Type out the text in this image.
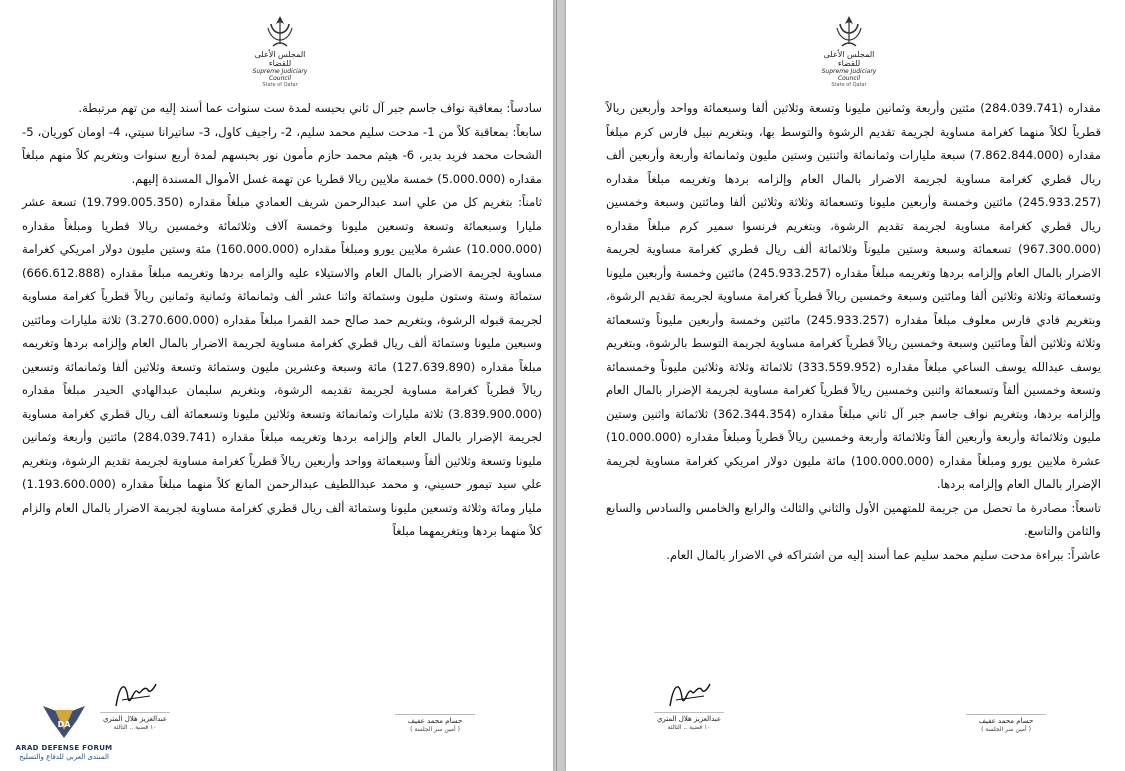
المجلس الأعلى للقضاء
Supreme Judiciary Council
State of Qatar

سادساً: بمعاقبة نواف جاسم جبر آل ثاني بحبسه لمدة ست سنوات عما أسند إليه من تهم مرتبطة.

سابعاً: بمعاقبة كلاً من 1- مدحت سليم محمد سليم، 2- راجيف كاول، 3- ساتيرانا سيتي، 4- اومان كوريان، 5- الشحات محمد فريد بدير، 6- هيثم محمد حازم مأمون نور بحبسهم لمدة أربع سنوات وبتغريم كلاً منهم مبلغاً مقداره (5.000.000) خمسة ملايين ريالا قطريا عن تهمة غسل الأموال المسندة إليهم.

ثامناً: بتغريم كل من علي اسد عبدالرحمن شريف العمادي مبلغاً مقداره (19.799.005.350) تسعة عشر مليارا وسبعمائة وتسعة وتسعين مليونا وخمسة آلاف وثلاثمائة وخمسين ريالا قطريا ومبلغاً مقداره (10.000.000) عشرة ملايين يورو ومبلغاً مقداره (160.000.000) مئة وستين مليون دولار امريكي كغرامة مساوية لجريمة الاضرار بالمال العام والاستيلاء عليه والزامه بردها وتغريمه مبلغاً مقداره (666.612.888) ستمائة وستة وستون مليون وستمائة واثنا عشر ألف وثمانمائة وثمانية وثمانين ريالاً قطرياً كغرامة مساوية لجريمة قبوله الرشوة، وبتغريم حمد صالح حمد القمرا مبلغاً مقداره (3.270.600.000) ثلاثة مليارات ومائتين وسبعين مليونا وستمائة ألف ريال قطري كغرامة مساوية لجريمة الاضرار بالمال العام وإلزامه بردها وتغريمه مبلغاً مقداره (127.639.890) مائة وسبعة وعشرين مليون وستمائة وتسعة وثلاثين ألفا وثمانمائة وتسعين ريالاً قطرياً كغرامة مساوية لجريمة تقديمه الرشوة، وبتغريم سليمان عبدالهادي الحيدر مبلغاً مقداره (3.839.900.000) ثلاثة مليارات وثمانمائة وتسعة وثلاثين مليونا وتسعمائة ألف ريال قطري كغرامة مساوية لجريمة الإضرار بالمال العام وإلزامه بردها وتغريمه مبلغاً مقداره (284.039.741) مائتين وأربعة وثمانين مليونا وتسعة وثلاثين ألفاً وسبعمائة وواحد وأربعين ريالاً قطرياً كغرامة مساوية لجريمة تقديم الرشوة، وبتغريم علي سيد تيمور حسيني، و محمد عبداللطيف عبدالرحمن المانع كلاً منهما مبلغاً مقداره (1.193.600.000) مليار ومائة وثلاثة وتسعين مليونا وستمائة ألف ريال قطري كغرامة مساوية لجريمة الاضرار بالمال العام والزام كلاً منهما بردها وبتغريمهما مبلغاً

حسام محمد عفيف
( أمين سر الجلسة )
عبدالعزيز هلال المتري
١٠ قضية .. الثالثة
المجلس الأعلى للقضاء
Supreme Judiciary Council
State of Qatar

مقداره (284.039.741) مئتين وأربعة وثمانين مليونا وتسعة وثلاثين ألفا وسبعمائة وواحد وأربعين ريالاً قطرياً لكلاً منهما كغرامة مساوية لجريمة تقديم الرشوة والتوسط بها، وبتغريم نبيل فارس كرم مبلغاً مقداره (7.862.844.000) سبعة مليارات وثمانمائة واثنتين وستين مليون وثمانمائة وأربعة وأربعين ألف ريال قطري كغرامة مساوية لجريمة الاضرار بالمال العام وإلزامه بردها وتغريمه مبلغاً مقداره (245.933.257) مائتين وخمسة وأربعين مليونا وتسعمائة وثلاثة وثلاثين ألفا ومائتين وسبعة وخمسين ريال قطري كغرامة مساوية لجريمة تقديم الرشوة، وبتغريم فرنسوا سمير كرم مبلغاً مقداره (967.300.000) تسعمائة وسبعة وستين مليوناً وثلاثمائة ألف ريال قطري كغرامة مساوية لجريمة الاضرار بالمال العام وإلزامه بردها وتغريمه مبلغاً مقداره (245.933.257) مائتين وخمسة وأربعين مليونا وتسعمائة وثلاثة وثلاثين ألفا ومائتين وسبعة وخمسين ريالاً قطرياً كغرامة مساوية لجريمة تقديم الرشوة، وبتغريم فادي فارس معلوف مبلغاً مقداره (245.933.257) مائتين وخمسة وأربعين مليوناً وتسعمائة وثلاثة وثلاثين ألفاً ومائتين وسبعة وخمسين ريالاً قطرياً كغرامة مساوية لجريمة التوسط بالرشوة، وبتغريم يوسف عبدالله يوسف الساعي مبلغاً مقداره (333.559.952) ثلاثمائة وثلاثة وثلاثين مليوناً وخمسمائة وتسعة وخمسين ألفاً وتسعمائة واثنين وخمسين ريالاً قطرياً كغرامة مساوية لجريمة الإضرار بالمال العام وإلزامه بردها، وبتغريم نواف جاسم جبر آل ثاني مبلغاً مقداره (362.344.354) ثلاثمائة واثنين وستين مليون وثلاثمائة وأربعة وأربعين ألفاً وثلاثمائة وأربعة وخمسين ريالاً قطرياً ومبلغاً مقداره (10.000.000) عشرة ملايين يورو ومبلغاً مقداره (100.000.000) مائة مليون دولار امريكي كغرامة مساوية لجريمة الإضرار بالمال العام وإلزامه بردها.

تاسعاً: مصادرة ما تحصل من جريمة للمتهمين الأول والثاني والثالث والرابع والخامس والسادس والسابع والثامن والتاسع.

عاشراً: ببراءة مدحت سليم محمد سليم عما أسند إليه من اشتراكه في الاضرار بالمال العام.

حسام محمد عفيف
( أمين سر الجلسة )
عبدالعزيز هلال المتري
١٠ قضية .. الثالثة
DA
ARAD DEFENSE FORUM
المنتدى العربي للدفاع والتسليح
